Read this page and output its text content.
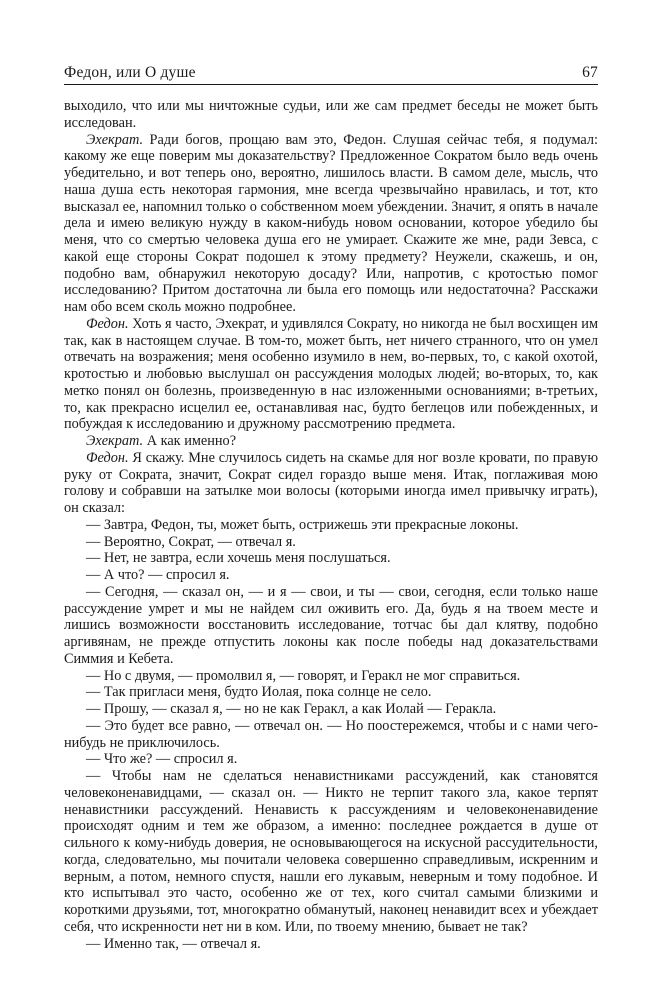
Федон, или О душе	67

выходило, что или мы ничтожные судьи, или же сам предмет беседы не может быть исследован.

Эхекрат. Ради богов, прощаю вам это, Федон. Слушая сейчас тебя, я подумал: какому же еще поверим мы доказательству? Предложенное Сократом было ведь очень убедительно, и вот теперь оно, вероятно, лишилось власти. В самом деле, мысль, что наша душа есть некоторая гармония, мне всегда чрезвычайно нравилась, и тот, кто высказал ее, напомнил только о собственном моем убеждении. Значит, я опять в начале дела и имею великую нужду в каком-нибудь новом основании, которое убедило бы меня, что со смертью человека душа его не умирает. Скажите же мне, ради Зевса, с какой еще стороны Сократ подошел к этому предмету? Неужели, скажешь, и он, подобно вам, обнаружил некоторую досаду? Или, напротив, с кротостью помог исследованию? Притом достаточна ли была его помощь или недостаточна? Расскажи нам обо всем сколь можно подробнее.

Федон. Хоть я часто, Эхекрат, и удивлялся Сократу, но никогда не был восхищен им так, как в настоящем случае. В том-то, может быть, нет ничего странного, что он умел отвечать на возражения; меня особенно изумило в нем, во-первых, то, с какой охотой, кротостью и любовью выслушал он рассуждения молодых людей; во-вторых, то, как метко понял он болезнь, произведенную в нас изложенными основаниями; в-третьих, то, как прекрасно исцелил ее, останавливая нас, будто беглецов или побежденных, и побуждая к исследованию и дружному рассмотрению предмета.

Эхекрат. А как именно?

Федон. Я скажу. Мне случилось сидеть на скамье для ног возле кровати, по правую руку от Сократа, значит, Сократ сидел гораздо выше меня. Итак, поглаживая мою голову и собравши на затылке мои волосы (которыми иногда имел привычку играть), он сказал:

— Завтра, Федон, ты, может быть, острижешь эти прекрасные локоны.

— Вероятно, Сократ, — отвечал я.

— Нет, не завтра, если хочешь меня послушаться.

— А что? — спросил я.

— Сегодня, — сказал он, — и я — свои, и ты — свои, сегодня, если только наше рассуждение умрет и мы не найдем сил оживить его. Да, будь я на твоем месте и лишись возможности восстановить исследование, тотчас бы дал клятву, подобно аргивянам, не прежде отпустить локоны как после победы над доказательствами Симмия и Кебета.

— Но с двумя, — промолвил я, — говорят, и Геракл не мог справиться.

— Так пригласи меня, будто Иолая, пока солнце не село.

— Прошу, — сказал я, — но не как Геракл, а как Иолай — Геракла.

— Это будет все равно, — отвечал он. — Но поостережемся, чтобы и с нами чего-нибудь не приключилось.

— Что же? — спросил я.

— Чтобы нам не сделаться ненавистниками рассуждений, как становятся человеконенавидцами, — сказал он. — Никто не терпит такого зла, какое терпят ненавистники рассуждений. Ненависть к рассуждениям и человеконенавидение происходят одним и тем же образом, а именно: последнее рождается в душе от сильного к кому-нибудь доверия, не основывающегося на искусной рассудительности, когда, следовательно, мы почитали человека совершенно справедливым, искренним и верным, а потом, немного спустя, нашли его лукавым, неверным и тому подобное. И кто испытывал это часто, особенно же от тех, кого считал самыми близкими и короткими друзьями, тот, многократно обманутый, наконец ненавидит всех и убеждает себя, что искренности нет ни в ком. Или, по твоему мнению, бывает не так?

— Именно так, — отвечал я.
